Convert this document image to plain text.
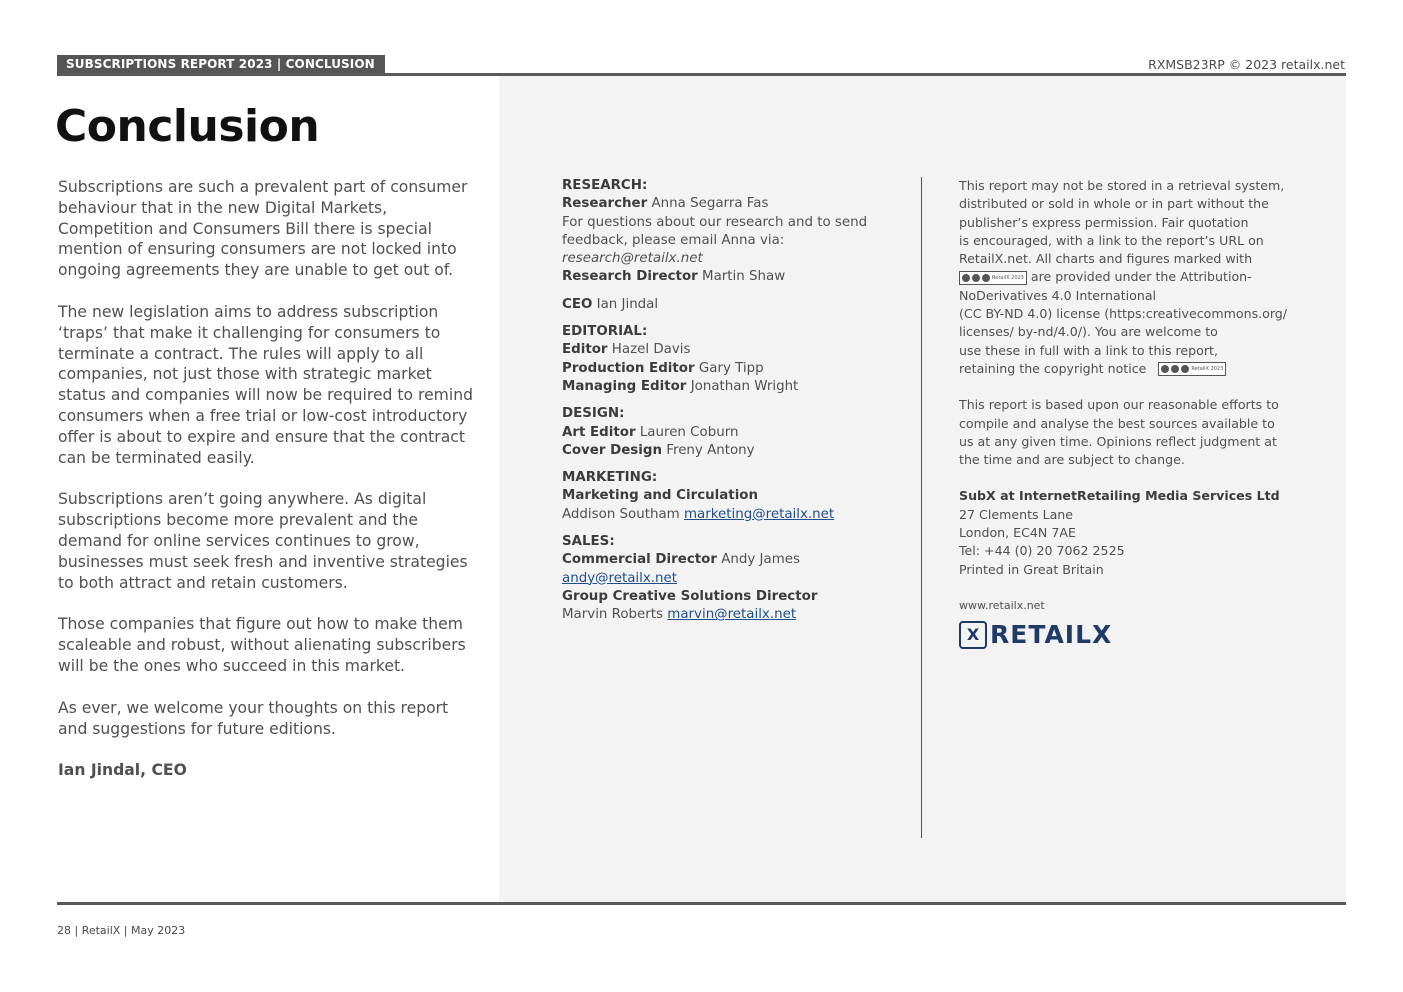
SUBSCRIPTIONS REPORT 2023 | CONCLUSION	RXMSB23RP © 2023 retailx.net
Conclusion

Subscriptions are such a prevalent part of consumer behaviour that in the new Digital Markets, Competition and Consumers Bill there is special mention of ensuring consumers are not locked into ongoing agreements they are unable to get out of.

The new legislation aims to address subscription ‘traps’ that make it challenging for consumers to terminate a contract. The rules will apply to all companies, not just those with strategic market status and companies will now be required to remind consumers when a free trial or low-cost introductory offer is about to expire and ensure that the contract can be terminated easily.

Subscriptions aren’t going anywhere. As digital subscriptions become more prevalent and the demand for online services continues to grow, businesses must seek fresh and inventive strategies to both attract and retain customers.

Those companies that figure out how to make them scaleable and robust, without alienating subscribers will be the ones who succeed in this market.

As ever, we welcome your thoughts on this report and suggestions for future editions.

Ian Jindal, CEO

RESEARCH:
Researcher Anna Segarra Fas
For questions about our research and to send
feedback, please email Anna via:
research@retailx.net
Research Director Martin Shaw
CEO Ian Jindal
EDITORIAL:
Editor Hazel Davis
Production Editor Gary Tipp
Managing Editor Jonathan Wright
DESIGN:
Art Editor Lauren Coburn
Cover Design Freny Antony
MARKETING:
Marketing and Circulation
Addison Southam marketing@retailx.net
SALES:
Commercial Director Andy James
andy@retailx.net
Group Creative Solutions Director
Marvin Roberts marvin@retailx.net
This report may not be stored in a retrieval system,
distributed or sold in whole or in part without the
publisher’s express permission. Fair quotation
is encouraged, with a link to the report’s URL on
RetailX.net. All charts and figures marked with
RetailX 2023 are provided under the Attribution-
NoDerivatives 4.0 International
(CC BY-ND 4.0) license (https:creativecommons.org/
licenses/ by-nd/4.0/). You are welcome to
use these in full with a link to this report,
retaining the copyright notice	RetailX 2023
This report is based upon our reasonable efforts to
compile and analyse the best sources available to
us at any given time. Opinions reflect judgment at
the time and are subject to change.
SubX at InternetRetailing Media Services Ltd
27 Clements Lane
London, EC4N 7AE
Tel: +44 (0) 20 7062 2525
Printed in Great Britain
www.retailx.net
X RETAILX
28 | RetailX | May 2023
